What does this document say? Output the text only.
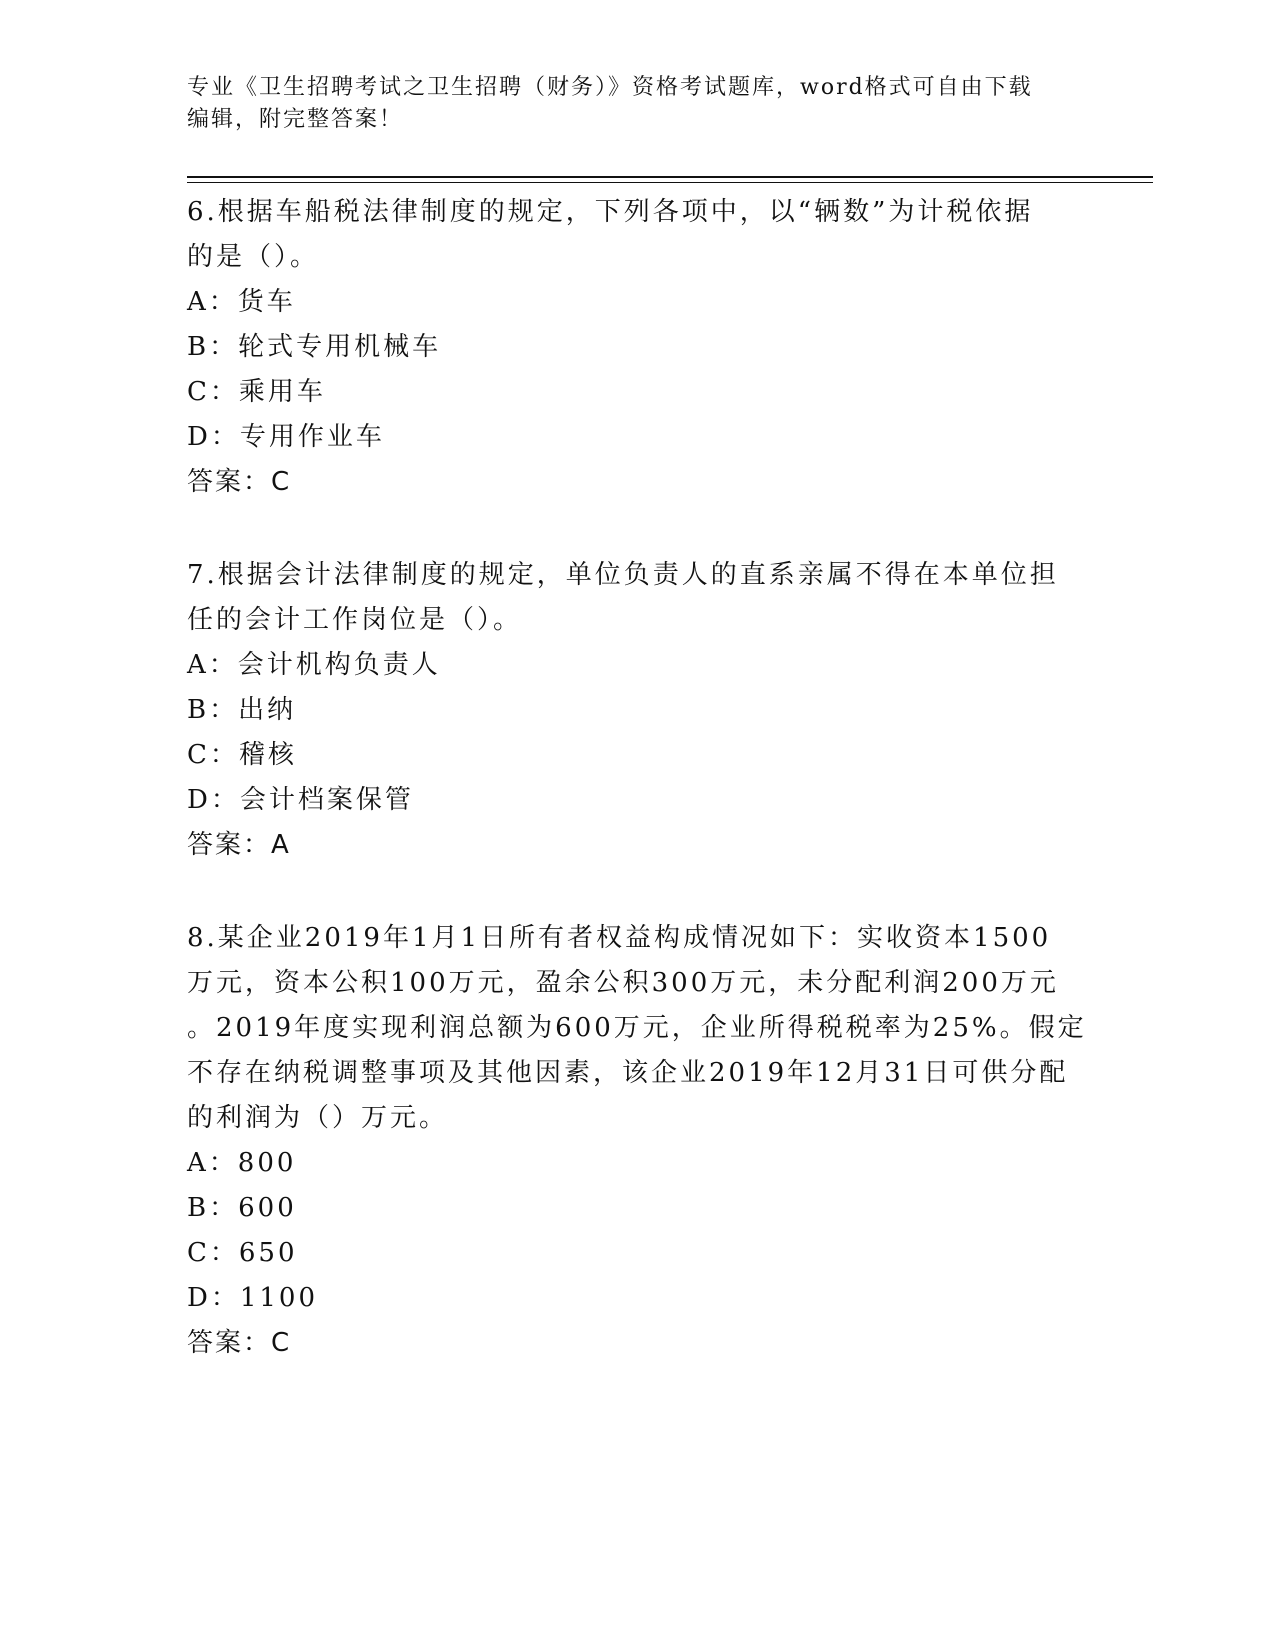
专业《卫生招聘考试之卫生招聘（财务）》资格考试题库，word格式可自由下载
编辑，附完整答案！
6.根据车船税法律制度的规定，下列各项中，以“辆数”为计税依据
的是（）。
A：货车
B：轮式专用机械车
C：乘用车
D：专用作业车
答案：C
7.根据会计法律制度的规定，单位负责人的直系亲属不得在本单位担
任的会计工作岗位是（）。
A：会计机构负责人
B：出纳
C：稽核
D：会计档案保管
答案：A
8.某企业2019年1月1日所有者权益构成情况如下：实收资本1500
万元，资本公积100万元，盈余公积300万元，未分配利润200万元
。2019年度实现利润总额为600万元，企业所得税税率为25%。假定
不存在纳税调整事项及其他因素，该企业2019年12月31日可供分配
的利润为（）万元。
A：800
B：600
C：650
D：1100
答案：C
